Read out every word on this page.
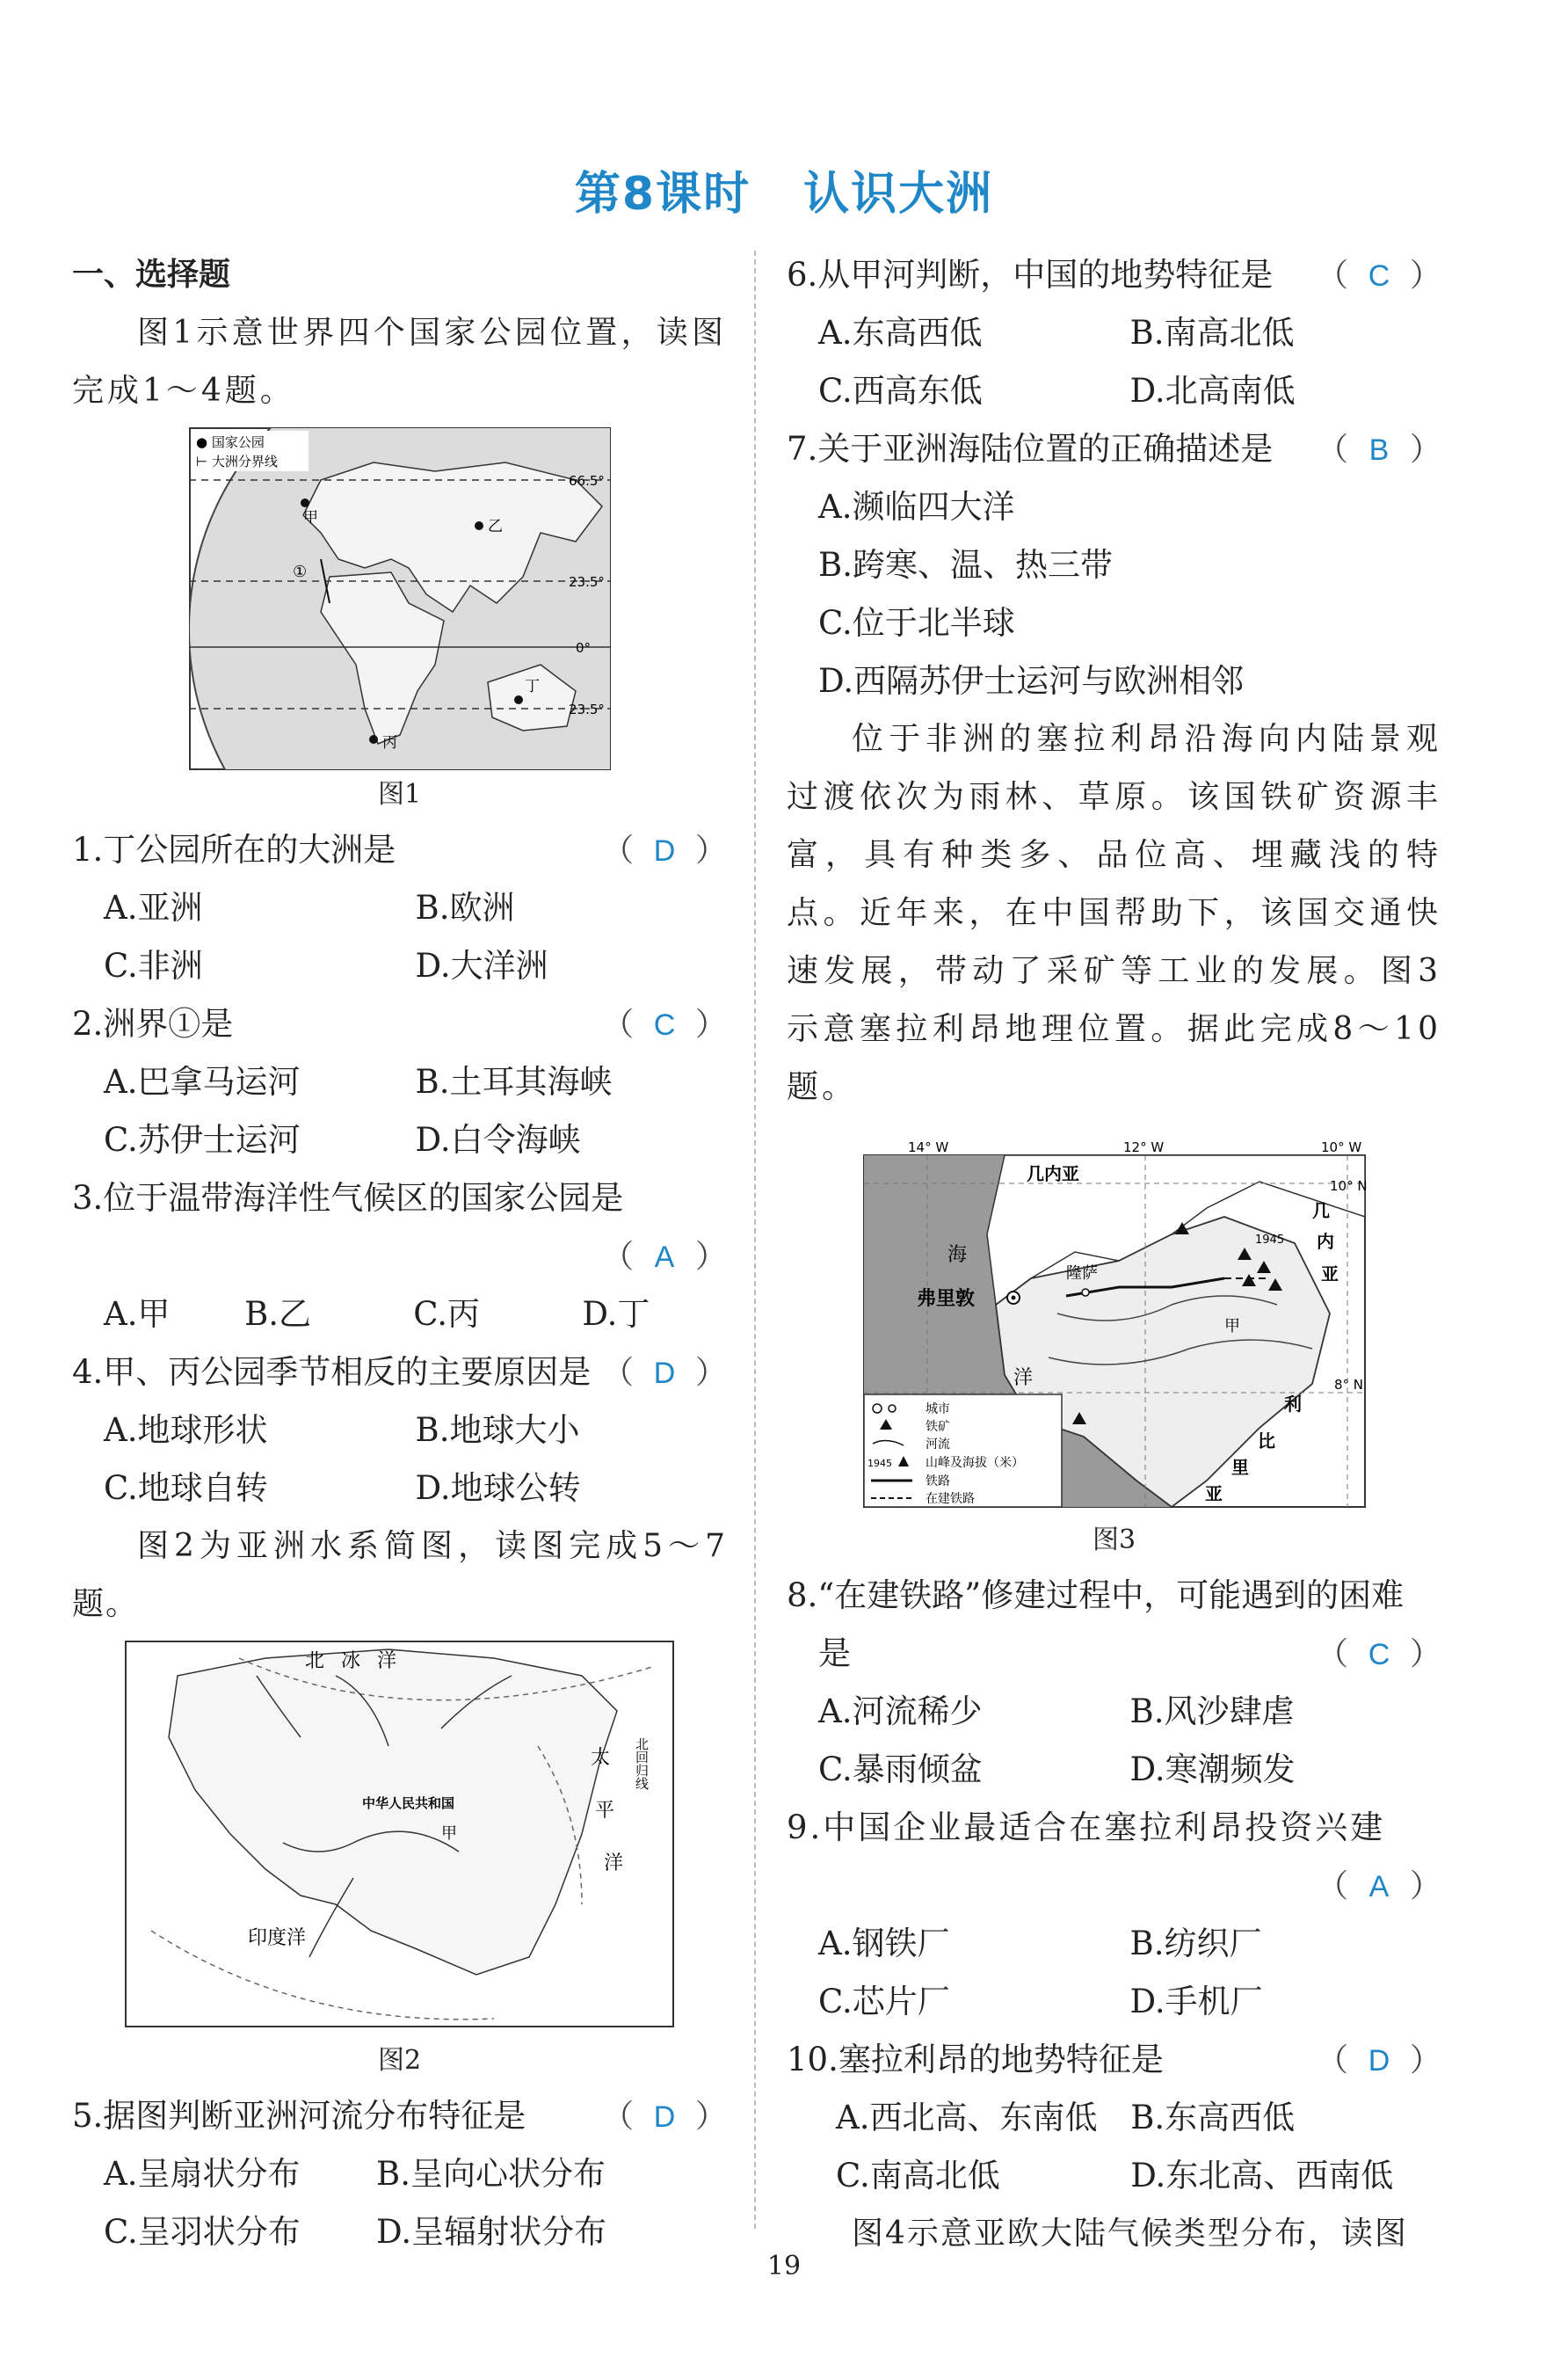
第8课时 认识大洲
一、选择题
图1示意世界四个国家公园位置，读图完成1～4题。
● 国家公园
⊢ 大洲分界线
66.5°
23.5°
0°
23.5°
甲	乙
丙
丁
①
图1
1.丁公园所在的大洲是	（ D ）
A.亚洲	B.欧洲
C.非洲	D.大洋洲
2.洲界①是	（ C ）
A.巴拿马运河	B.土耳其海峡
C.苏伊士运河	D.白令海峡
3.位于温带海洋性气候区的国家公园是
（ A ）
A.甲	B.乙	C.丙	D.丁
4.甲、丙公园季节相反的主要原因是 （ D ）
A.地球形状	B.地球大小
C.地球自转	D.地球公转
图2为亚洲水系简图，读图完成5～7题。
北 冰 洋
太
平
洋
北回归线
中华人民共和国
甲
印度洋
图2
5.据图判断亚洲河流分布特征是 （ D ）
A.呈扇状分布	B.呈向心状分布
C.呈羽状分布	D.呈辐射状分布
6.从甲河判断，中国的地势特征是 （ C ）
A.东高西低	B.南高北低
C.西高东低	D.北高南低
7.关于亚洲海陆位置的正确描述是 （ B ）
A.濒临四大洋
B.跨寒、温、热三带
C.位于北半球
D.西隔苏伊士运河与欧洲相邻
位于非洲的塞拉利昂沿海向内陆景观过渡依次为雨林、草原。该国铁矿资源丰富，具有种类多、品位高、埋藏浅的特点。近年来，在中国帮助下，该国交通快速发展，带动了采矿等工业的发展。图3示意塞拉利昂地理位置。据此完成8～10题。
14° W	12° W	10° W
10° N
8° N
几内亚
几
内
亚
海
洋
弗里敦
隆萨
甲
1945
利
比
里
亚
城市
铁矿
河流
1945	山峰及海拔（米）
铁路
在建铁路
图3
8.“在建铁路”修建过程中，可能遇到的困难
是	（ C ）
A.河流稀少	B.风沙肆虐
C.暴雨倾盆	D.寒潮频发
9.中国企业最适合在塞拉利昂投资兴建
（ A ）
A.钢铁厂	B.纺织厂
C.芯片厂	D.手机厂
10.塞拉利昂的地势特征是	（ D ）
A.西北高、东南低	B.东高西低
C.南高北低	D.东北高、西南低
图4示意亚欧大陆气候类型分布，读图
19
